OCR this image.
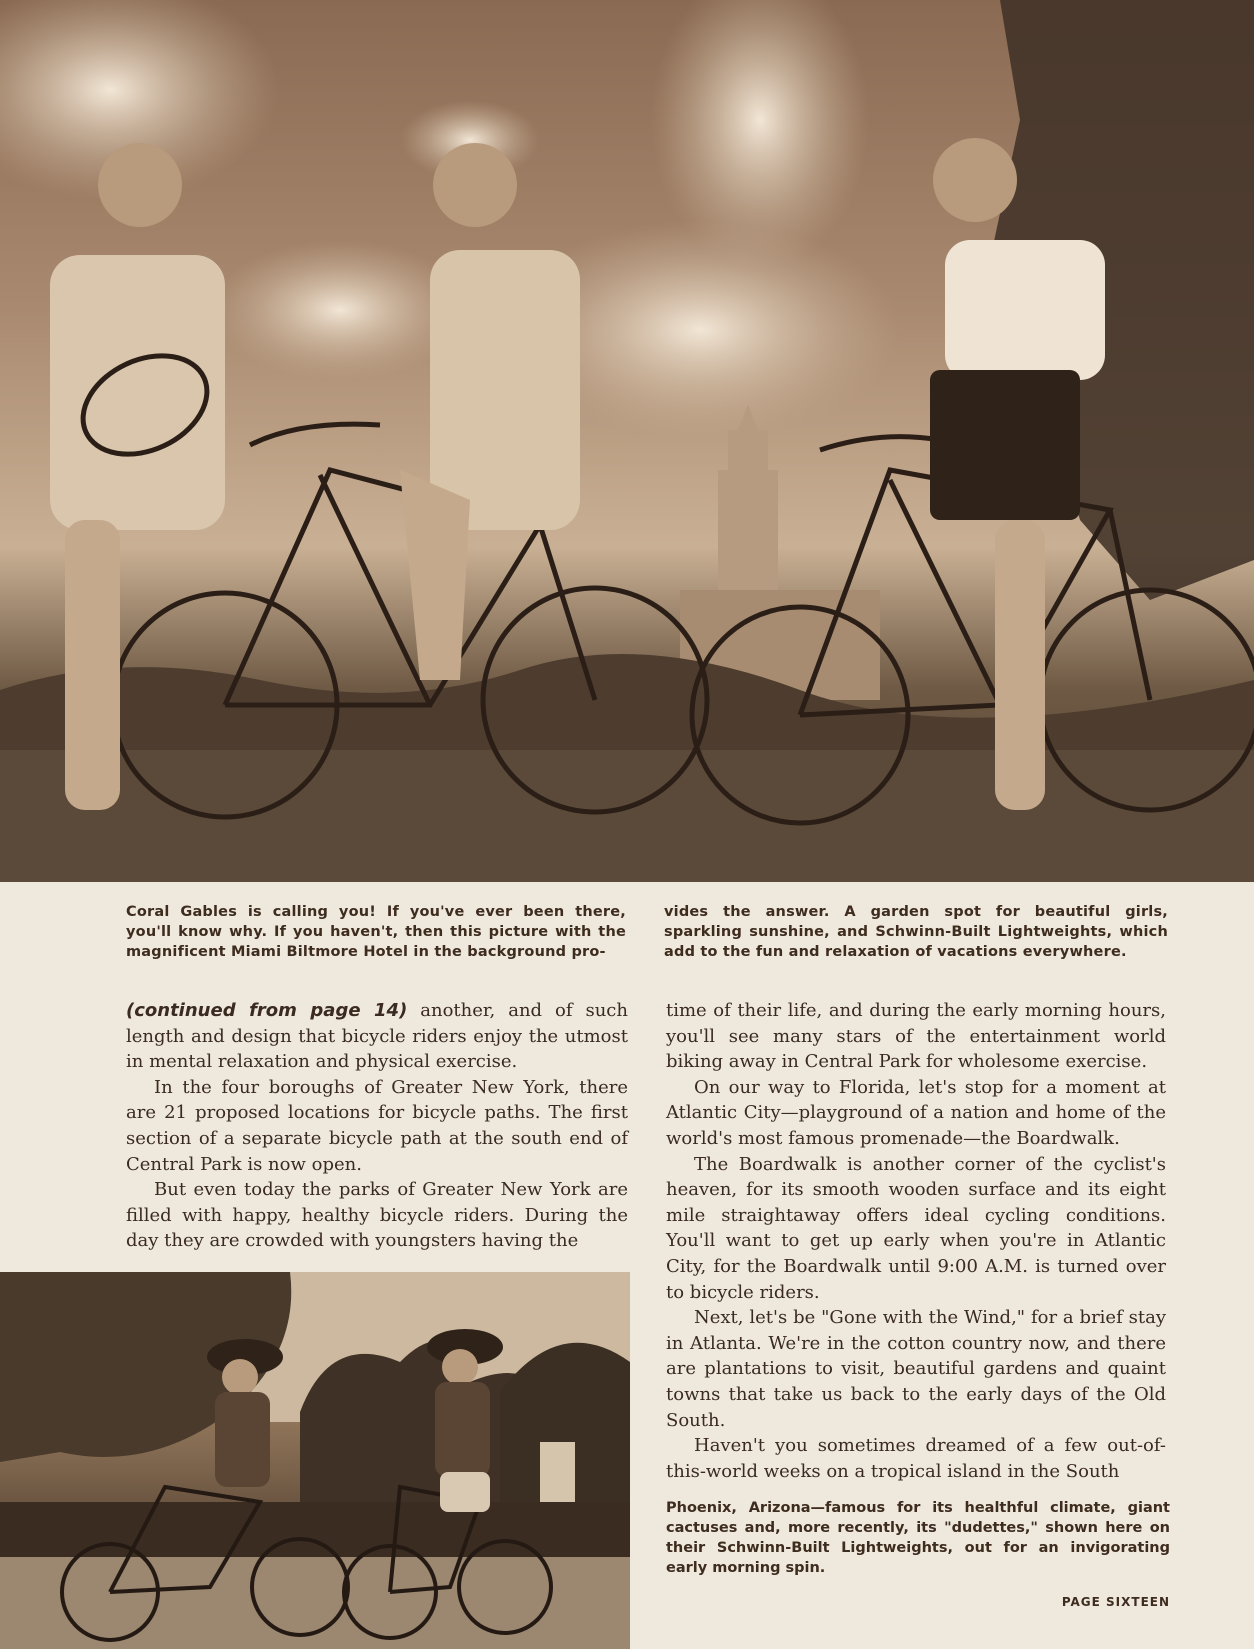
Coral Gables is calling you! If you've ever been there, you'll know why. If you haven't, then this picture with the magnificent Miami Biltmore Hotel in the background pro-
vides the answer. A garden spot for beautiful girls, sparkling sunshine, and Schwinn-Built Lightweights, which add to the fun and relaxation of vacations everywhere.

(continued from page 14) another, and of such length and design that bicycle riders enjoy the utmost in mental relaxation and physical exercise.

In the four boroughs of Greater New York, there are 21 proposed locations for bicycle paths. The first section of a separate bicycle path at the south end of Central Park is now open.

But even today the parks of Greater New York are filled with happy, healthy bicycle riders. During the day they are crowded with youngsters having the

time of their life, and during the early morning hours, you'll see many stars of the entertainment world biking away in Central Park for wholesome exercise.

On our way to Florida, let's stop for a moment at Atlantic City—playground of a nation and home of the world's most famous promenade—the Boardwalk.

The Boardwalk is another corner of the cyclist's heaven, for its smooth wooden surface and its eight mile straightaway offers ideal cycling conditions. You'll want to get up early when you're in Atlantic City, for the Boardwalk until 9:00 A.M. is turned over to bicycle riders.

Next, let's be "Gone with the Wind," for a brief stay in Atlanta. We're in the cotton country now, and there are plantations to visit, beautiful gardens and quaint towns that take us back to the early days of the Old South.

Haven't you sometimes dreamed of a few out-of-this-world weeks on a tropical island in the South

Phoenix, Arizona—famous for its healthful climate, giant cactuses and, more recently, its "dudettes," shown here on their Schwinn-Built Lightweights, out for an invigorating early morning spin.
PAGE SIXTEEN
